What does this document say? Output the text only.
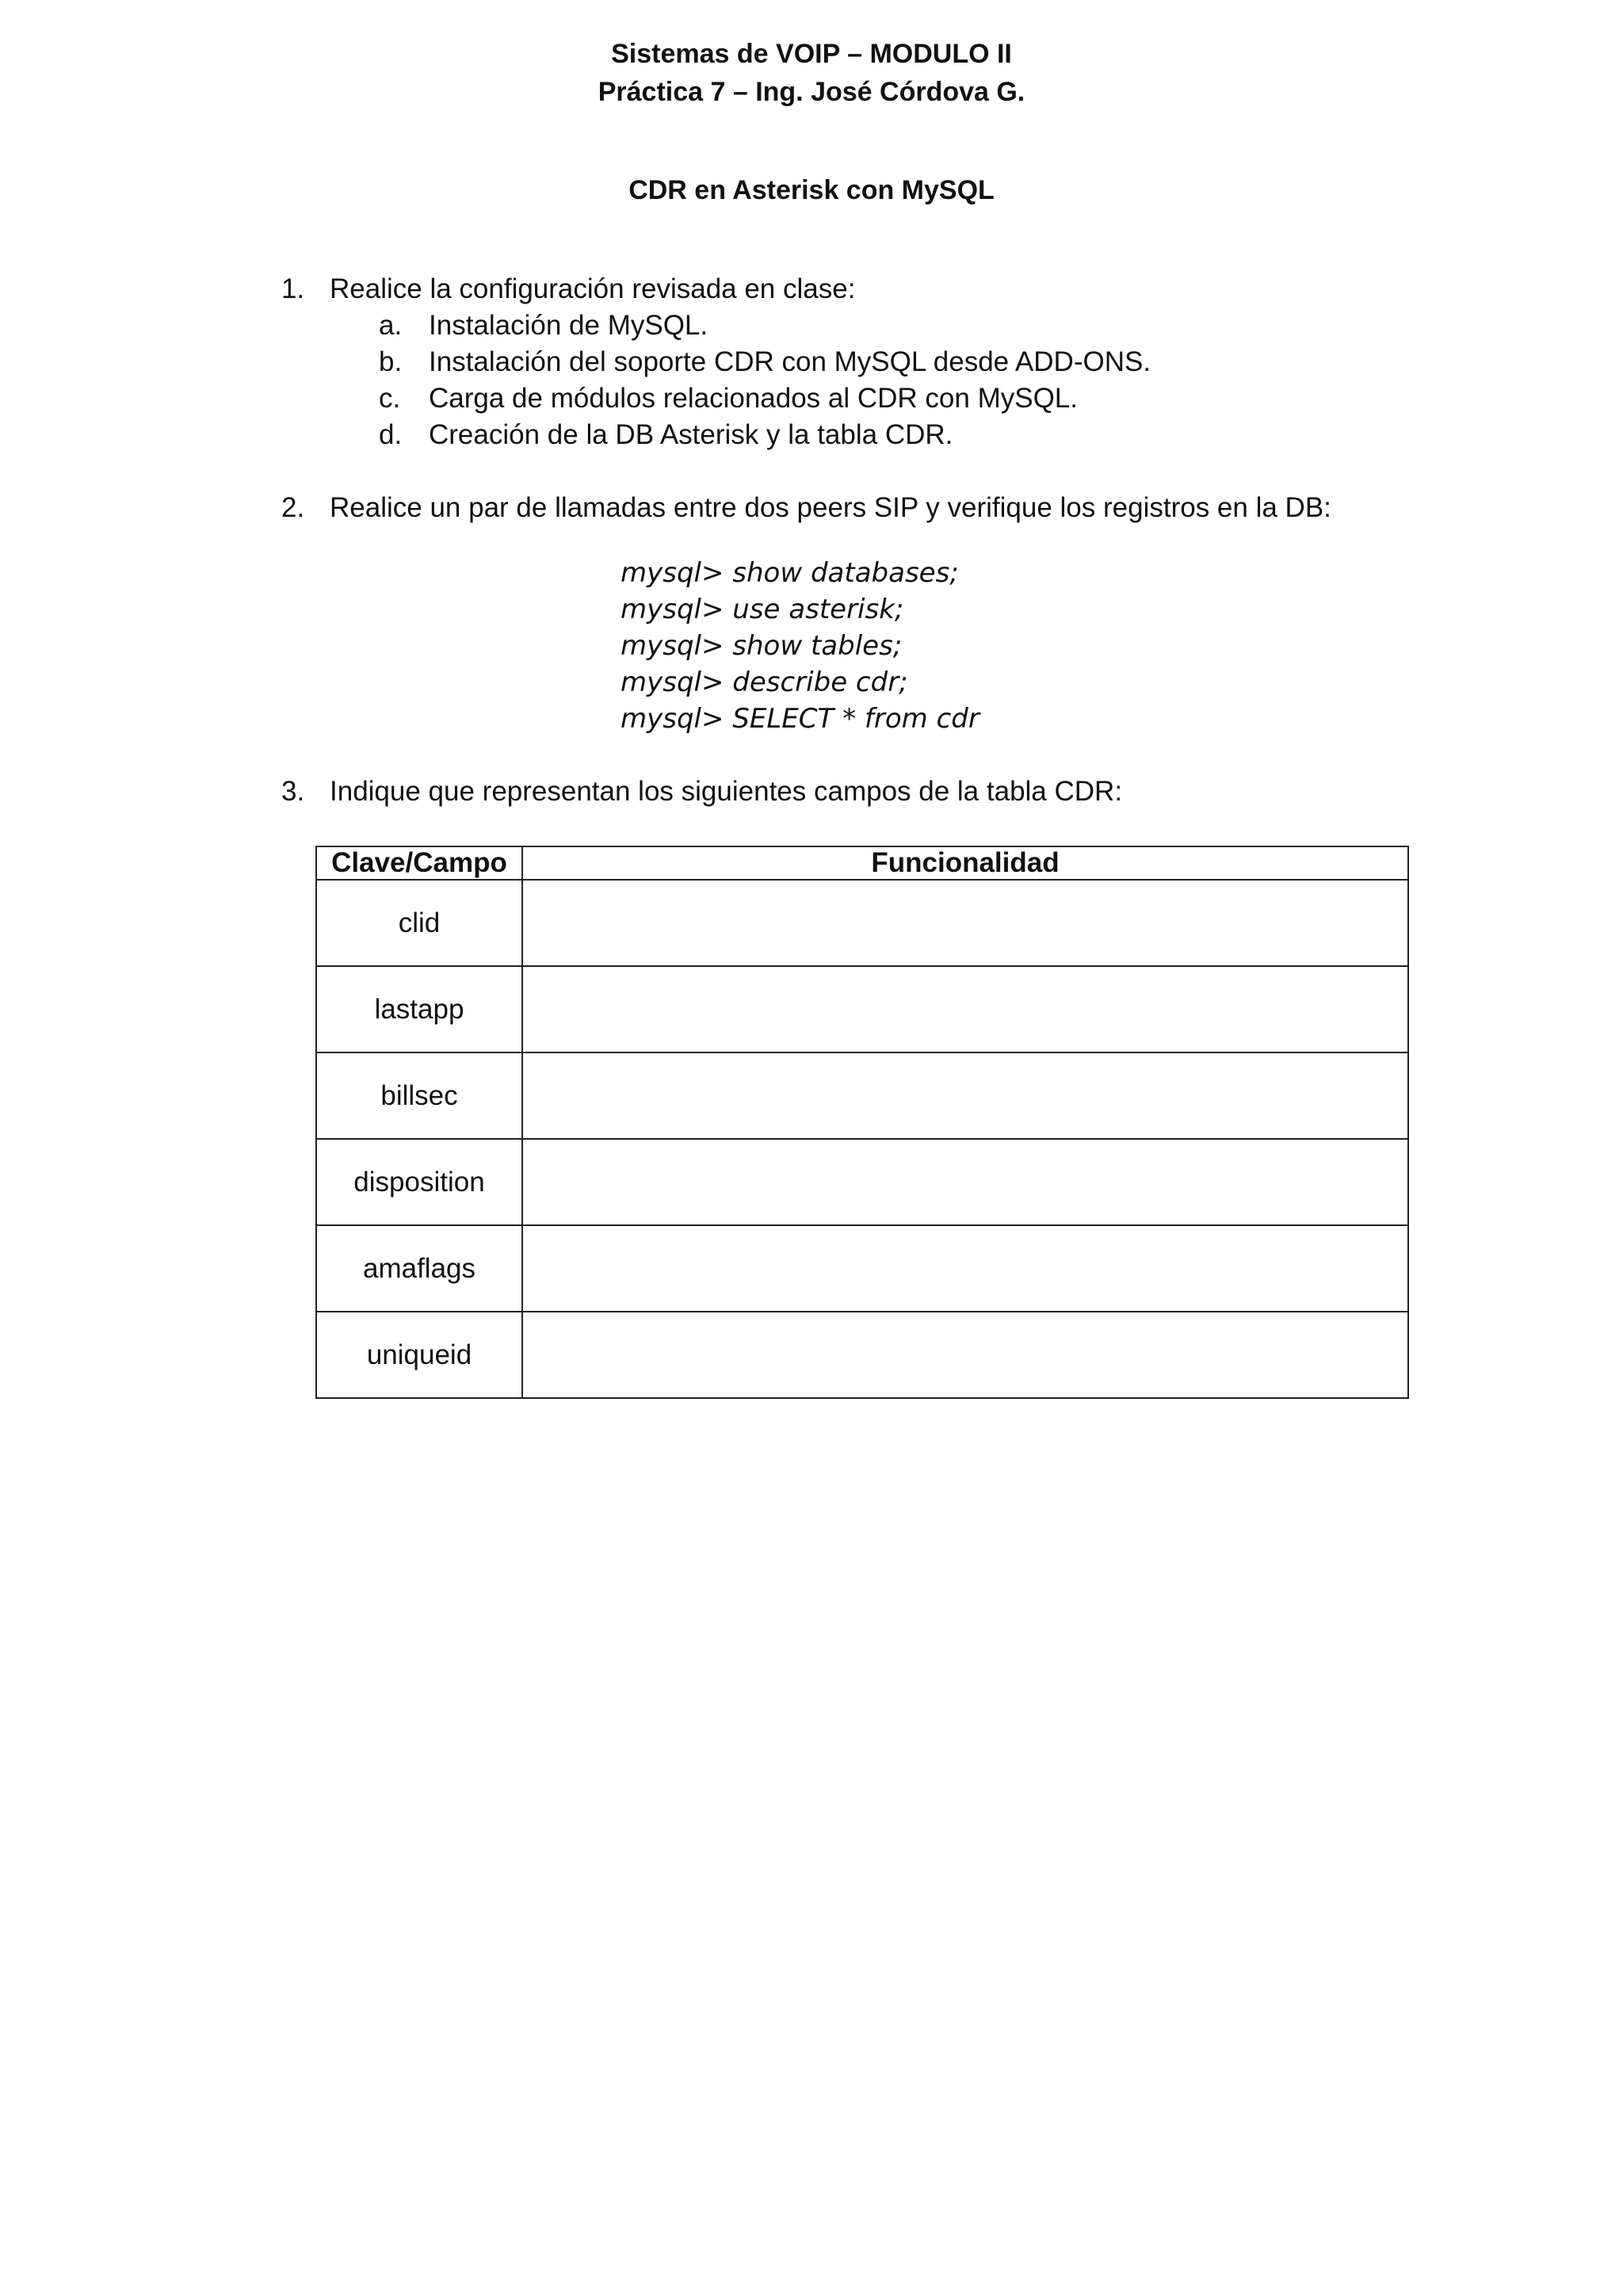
Sistemas de VOIP – MODULO II
Práctica 7 – Ing. José Córdova G.
CDR en Asterisk con MySQL
1. Realice la configuración revisada en clase:
a. Instalación de MySQL.
b. Instalación del soporte CDR con MySQL desde ADD-ONS.
c.	Carga de módulos relacionados al CDR con MySQL.
d. Creación de la DB Asterisk y la tabla CDR.
2. Realice un par de llamadas entre dos peers SIP y verifique los registros en la DB:
mysql> show databases;
mysql> use asterisk;
mysql> show tables;
mysql> describe cdr;
mysql> SELECT * from cdr
3. Indique que representan los siguientes campos de la tabla CDR:
Clave/Campo	Funcionalidad
clid	
lastapp	
billsec	
disposition	
amaflags	
uniqueid	
